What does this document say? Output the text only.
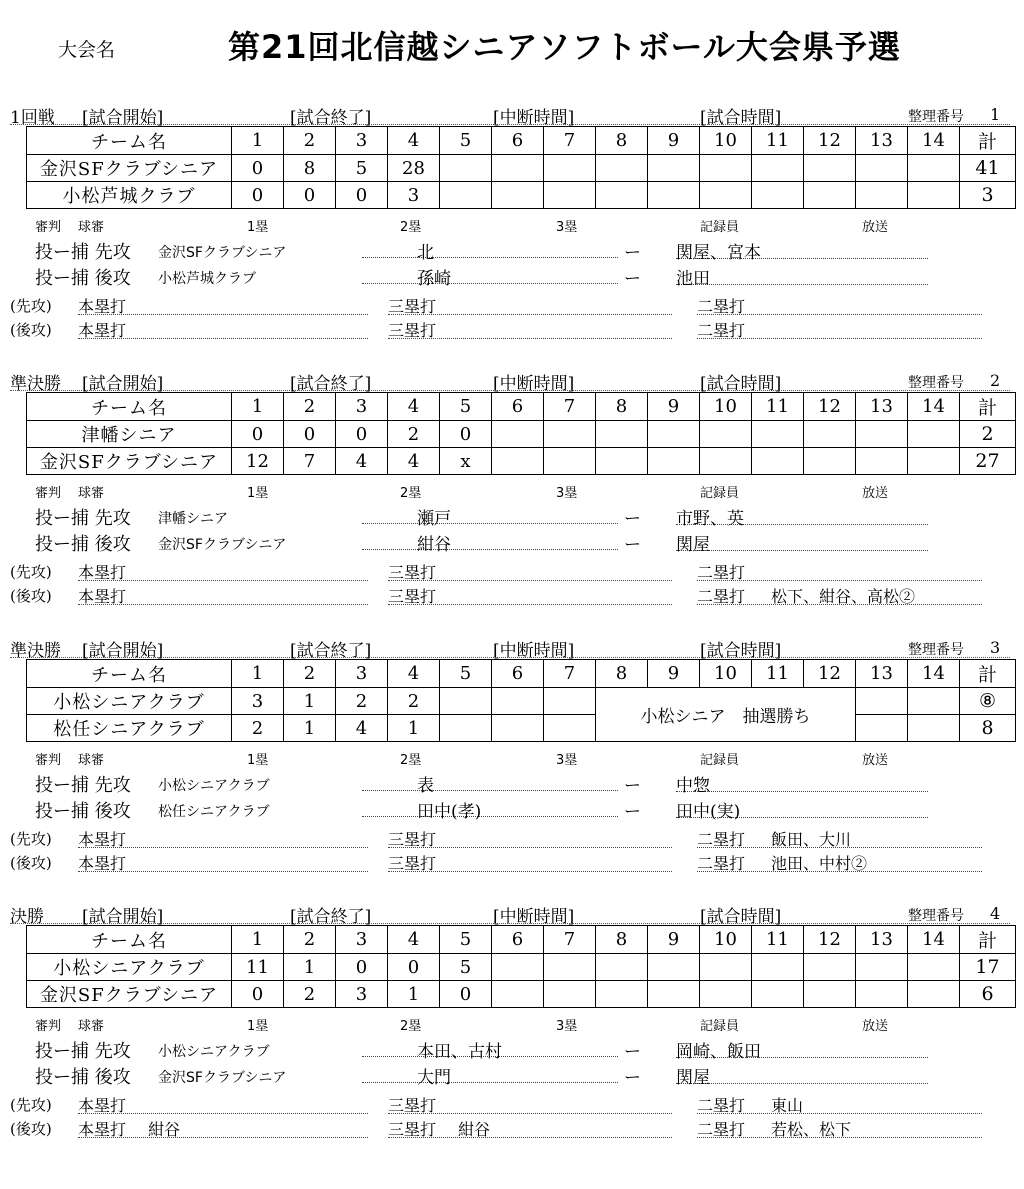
大会名	第21回北信越シニアソフトボール大会県予選
1回戦 [試合開始]	[試合終了]	[中断時間]	[試合時間]	整理番号 1
チーム名	1	2	3	4	5	6	7	8	9	10	11	12	13	14	計
金沢SFクラブシニア	0	8	5	28											41
小松芦城クラブ	0	0	0	3											3
審判 球審	1塁	2塁	3塁	記録員	放送
投ー捕 先攻 金沢SFクラブシニア	北	ー 関屋、宮本
投ー捕 後攻 小松芦城クラブ	孫崎	ー 池田
(先攻) 本塁打	三塁打	二塁打
(後攻) 本塁打	三塁打	二塁打
準決勝 [試合開始]	[試合終了]	[中断時間]	[試合時間]	整理番号 2
チーム名	1	2	3	4	5	6	7	8	9	10	11	12	13	14	計
津幡シニア	0	0	0	2	0										2
金沢SFクラブシニア	12	7	4	4	x										27
審判 球審	1塁	2塁	3塁	記録員	放送
投ー捕 先攻 津幡シニア	瀬戸	ー 市野、英
投ー捕 後攻 金沢SFクラブシニア	紺谷	ー 関屋
(先攻) 本塁打	三塁打	二塁打
(後攻) 本塁打	三塁打	二塁打 松下、紺谷、高松②
準決勝 [試合開始]	[試合終了]	[中断時間]	[試合時間]	整理番号 3
チーム名	1	2	3	4	5	6	7	8	9	10	11	12	13	14	計
小松シニアクラブ	3	1	2	2				小松シニア　抽選勝ち							⑧
松任シニアクラブ	2	1	4	1											8
審判 球審	1塁	2塁	3塁	記録員	放送
投ー捕 先攻 小松シニアクラブ	表	ー 中惣
投ー捕 後攻 松任シニアクラブ	田中(孝)	ー 田中(実)
(先攻) 本塁打	三塁打	二塁打 飯田、大川
(後攻) 本塁打	三塁打	二塁打 池田、中村②
決勝 [試合開始]	[試合終了]	[中断時間]	[試合時間]	整理番号 4
チーム名	1	2	3	4	5	6	7	8	9	10	11	12	13	14	計
小松シニアクラブ	11	1	0	0	5										17
金沢SFクラブシニア	0	2	3	1	0										6
審判 球審	1塁	2塁	3塁	記録員	放送
投ー捕 先攻 小松シニアクラブ	本田、古村	ー 岡崎、飯田
投ー捕 後攻 金沢SFクラブシニア	大門	ー 関屋
(先攻) 本塁打	三塁打	二塁打 東山
(後攻) 本塁打 紺谷	三塁打 紺谷	二塁打 若松、松下
